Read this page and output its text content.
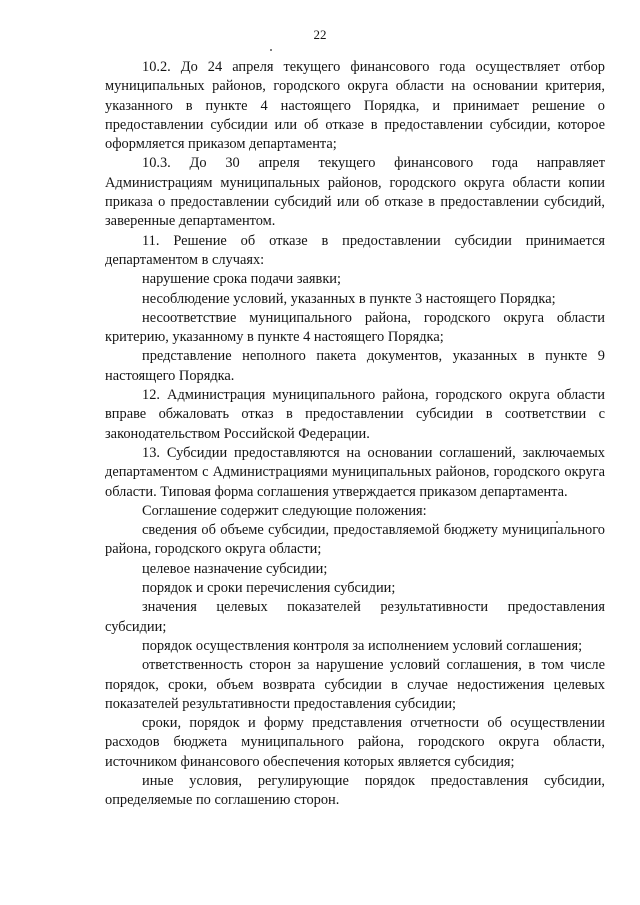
22

10.2. До 24 апреля текущего финансового года осуществляет отбор муниципальных районов, городского округа области на основании критерия, указанного в пункте 4 настоящего Порядка, и принимает решение о предоставлении субсидии или об отказе в предоставлении субсидии, которое оформляется приказом департамента;

10.3. До 30 апреля текущего финансового года направляет Администрациям муниципальных районов, городского округа области копии приказа о предоставлении субсидий или об отказе в предоставлении субсидий, заверенные департаментом.

11. Решение об отказе в предоставлении субсидии принимается департаментом в случаях:

нарушение срока подачи заявки;

несоблюдение условий, указанных в пункте 3 настоящего Порядка;

несоответствие муниципального района, городского округа области критерию, указанному в пункте 4 настоящего Порядка;

представление неполного пакета документов, указанных в пункте 9 настоящего Порядка.

12. Администрация муниципального района, городского округа области вправе обжаловать отказ в предоставлении субсидии в соответствии с законодательством Российской Федерации.

13. Субсидии предоставляются на основании соглашений, заключаемых департаментом с Администрациями муниципальных районов, городского округа области. Типовая форма соглашения утверждается приказом департамента.

Соглашение содержит следующие положения:

сведения об объеме субсидии, предоставляемой бюджету муниципального района, городского округа области;

целевое назначение субсидии;

порядок и сроки перечисления субсидии;

значения целевых показателей результативности предоставления субсидии;

порядок осуществления контроля за исполнением условий соглашения;

ответственность сторон за нарушение условий соглашения, в том числе порядок, сроки, объем возврата субсидии в случае недостижения целевых показателей результативности предоставления субсидии;

сроки, порядок и форму представления отчетности об осуществлении расходов бюджета муниципального района, городского округа области, источником финансового обеспечения которых является субсидия;

иные условия, регулирующие порядок предоставления субсидии, определяемые по соглашению сторон.
